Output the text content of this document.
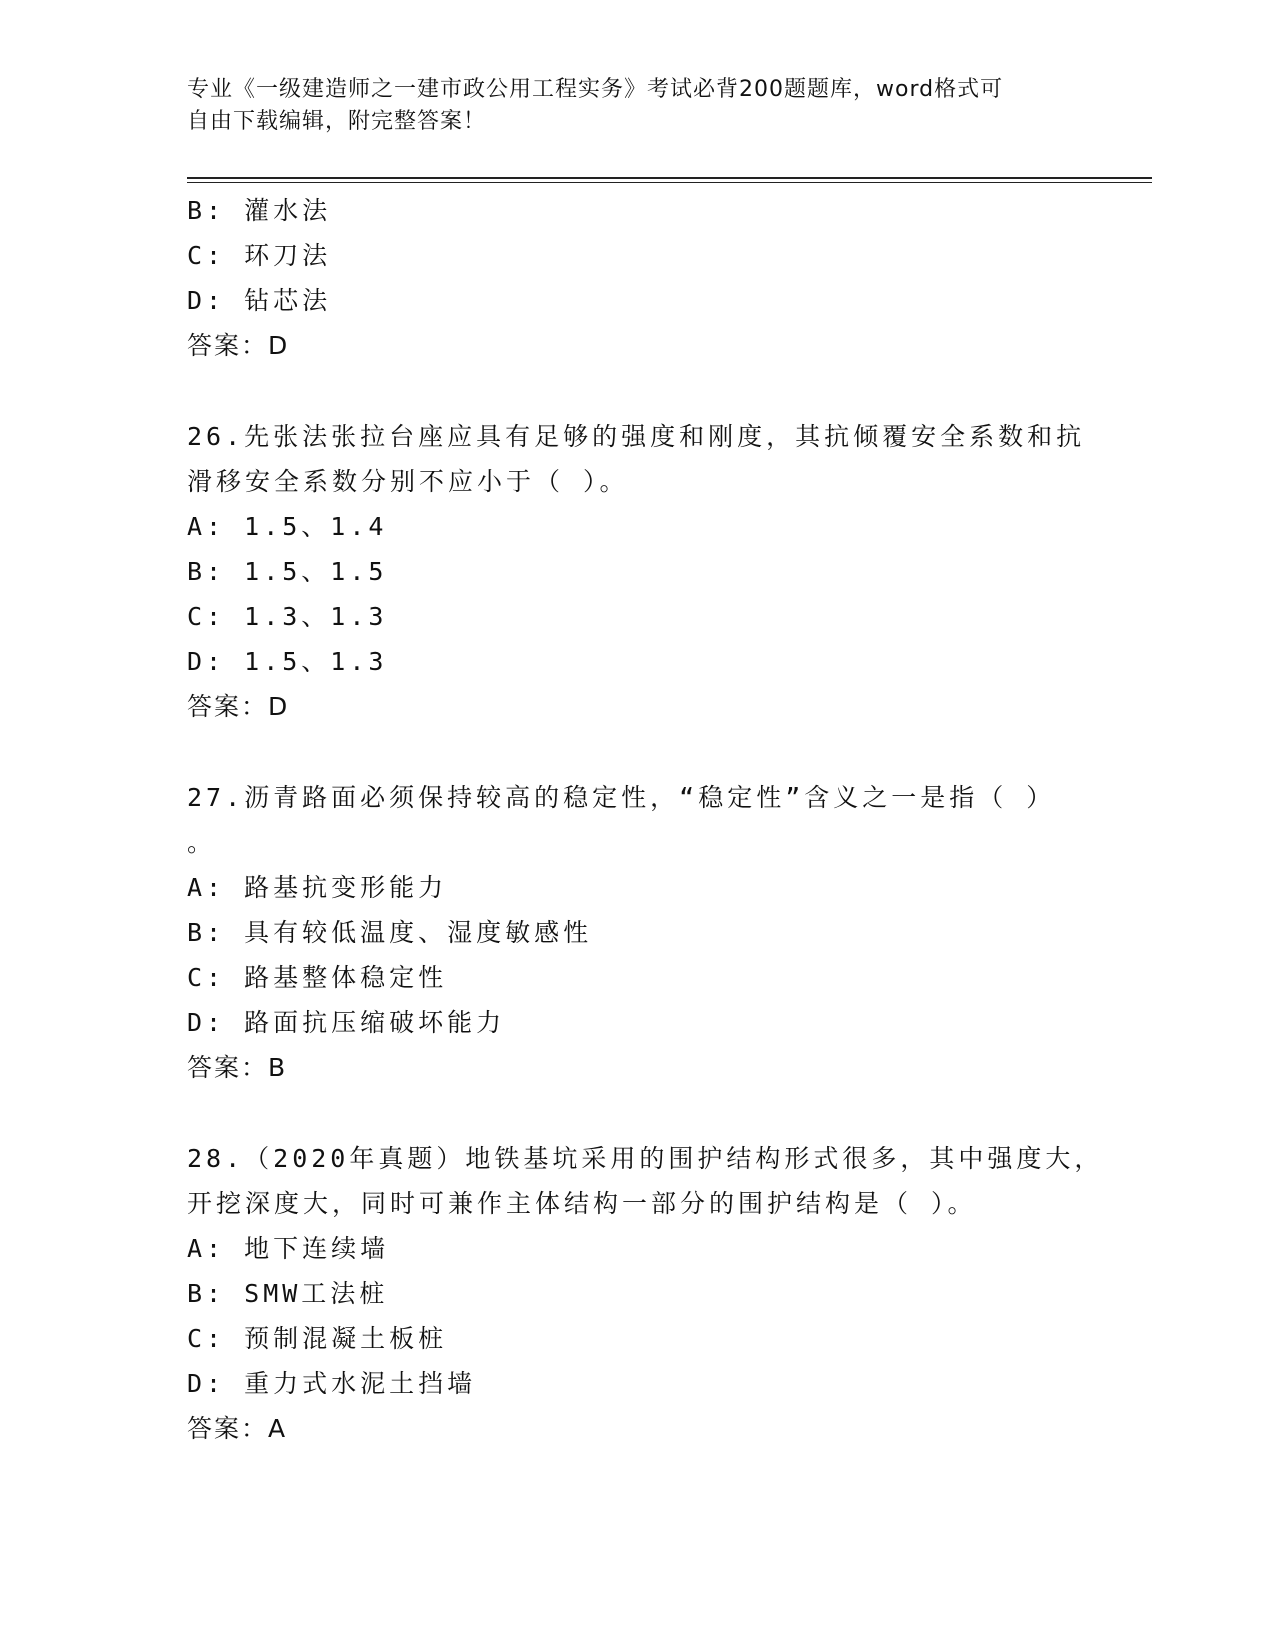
专业《一级建造师之一建市政公用工程实务》考试必背200题题库，word格式可
自由下载编辑，附完整答案！
B: 灌水法
C: 环刀法
D: 钻芯法
答案：D
26.先张法张拉台座应具有足够的强度和刚度，其抗倾覆安全系数和抗
滑移安全系数分别不应小于（ ）。
A: 1.5、1.4
B: 1.5、1.5
C: 1.3、1.3
D: 1.5、1.3
答案：D
27.沥青路面必须保持较高的稳定性，“稳定性”含义之一是指（ ）
。
A: 路基抗变形能力
B: 具有较低温度、湿度敏感性
C: 路基整体稳定性
D: 路面抗压缩破坏能力
答案：B
28.（2020年真题）地铁基坑采用的围护结构形式很多，其中强度大，
开挖深度大，同时可兼作主体结构一部分的围护结构是（ ）。
A: 地下连续墙
B: SMW工法桩
C: 预制混凝土板桩
D: 重力式水泥土挡墙
答案：A
